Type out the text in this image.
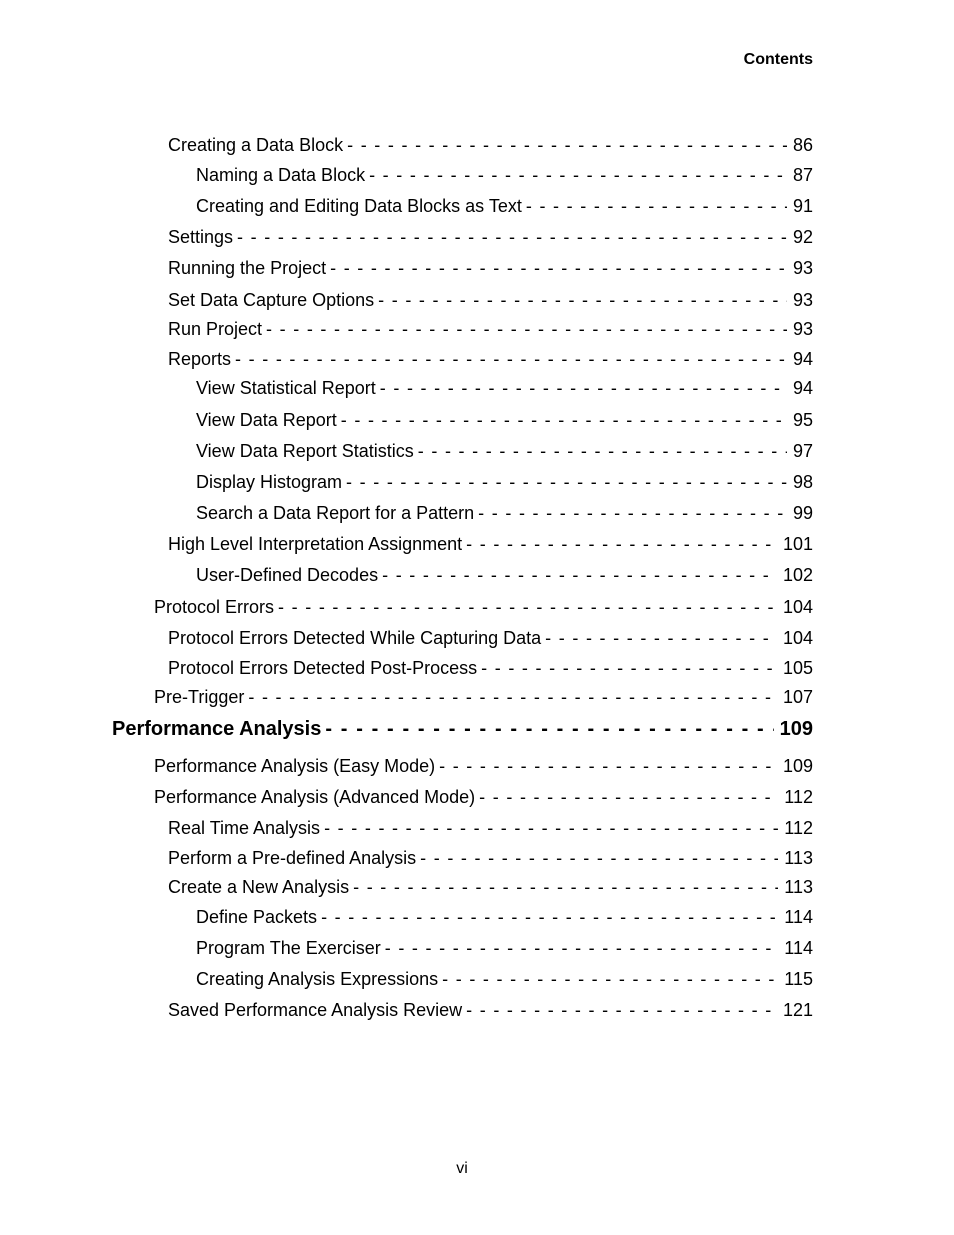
Contents
Creating a Data Block - - -	86
Naming a Data Block - - -	87
Creating and Editing Data Blocks as Text - - -	91
Settings - - -	92
Running the Project - - -	93
Set Data Capture Options - - -	93
Run Project - - -	93
Reports - - -	94
View Statistical Report - - -	94
View Data Report - - -	95
View Data Report Statistics - - -	97
Display Histogram - - -	98
Search a Data Report for a Pattern - - -	99
High Level Interpretation Assignment - - -	101
User-Defined Decodes - - -	102
Protocol Errors - - -	104
Protocol Errors Detected While Capturing Data - - -	104
Protocol Errors Detected Post-Process - - -	105
Pre-Trigger - - -	107
Performance Analysis - - -	109
Performance Analysis (Easy Mode) - - -	109
Performance Analysis (Advanced Mode) - - -	112
Real Time Analysis - - -	112
Perform a Pre-defined Analysis - - -	113
Create a New Analysis - - -	113
Define Packets - - -	114
Program The Exerciser - - -	114
Creating Analysis Expressions - - -	115
Saved Performance Analysis Review - - -	121
vi
